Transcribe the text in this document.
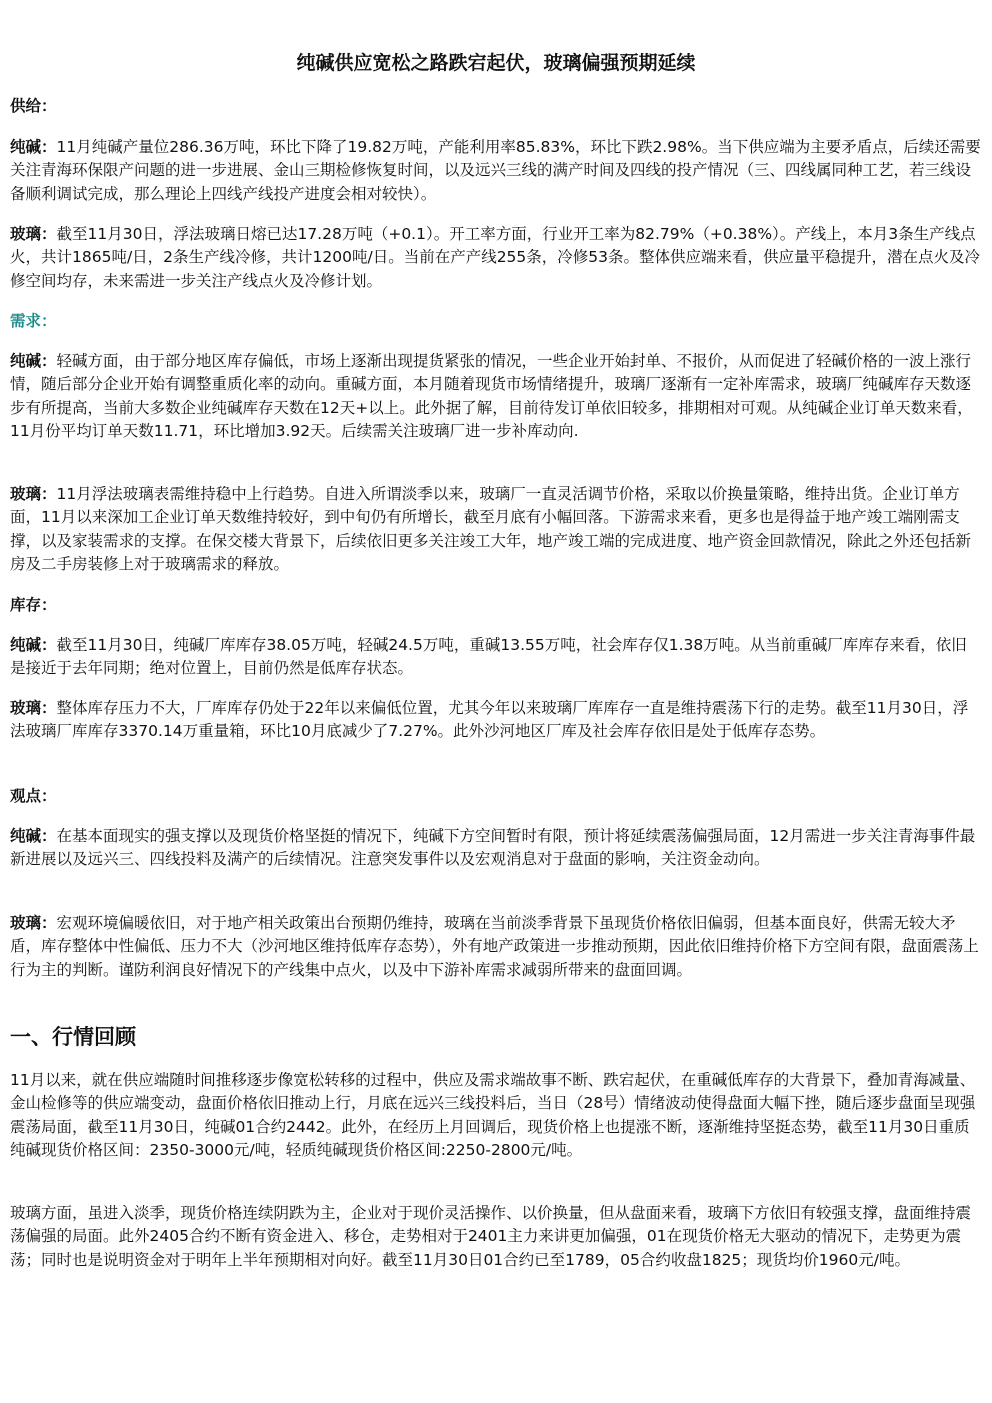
纯碱供应宽松之路跌宕起伏，玻璃偏强预期延续
供给：
纯碱：11月纯碱产量位286.36万吨，环比下降了19.82万吨，产能利用率85.83%，环比下跌2.98%。当下供应端为主要矛盾点，后续还需要关注青海环保限产问题的进一步进展、金山三期检修恢复时间，以及远兴三线的满产时间及四线的投产情况（三、四线属同种工艺，若三线设备顺利调试完成，那么理论上四线产线投产进度会相对较快）。
玻璃：截至11月30日，浮法玻璃日熔已达17.28万吨（+0.1）。开工率方面，行业开工率为82.79%（+0.38%）。产线上，本月3条生产线点火，共计1865吨/日，2条生产线冷修，共计1200吨/日。当前在产产线255条，冷修53条。整体供应端来看，供应量平稳提升，潜在点火及冷修空间均存，未来需进一步关注产线点火及冷修计划。
需求：
纯碱：轻碱方面，由于部分地区库存偏低，市场上逐渐出现提货紧张的情况，一些企业开始封单、不报价，从而促进了轻碱价格的一波上涨行情，随后部分企业开始有调整重质化率的动向。重碱方面，本月随着现货市场情绪提升，玻璃厂逐渐有一定补库需求，玻璃厂纯碱库存天数逐步有所提高，当前大多数企业纯碱库存天数在12天+以上。此外据了解，目前待发订单依旧较多，排期相对可观。从纯碱企业订单天数来看，11月份平均订单天数11.71，环比增加3.92天。后续需关注玻璃厂进一步补库动向.
玻璃：11月浮法玻璃表需维持稳中上行趋势。自进入所谓淡季以来，玻璃厂一直灵活调节价格，采取以价换量策略，维持出货。企业订单方面，11月以来深加工企业订单天数维持较好，到中旬仍有所增长，截至月底有小幅回落。下游需求来看，更多也是得益于地产竣工端刚需支撑，以及家装需求的支撑。在保交楼大背景下，后续依旧更多关注竣工大年，地产竣工端的完成进度、地产资金回款情况，除此之外还包括新房及二手房装修上对于玻璃需求的释放。
库存：
纯碱：截至11月30日，纯碱厂库库存38.05万吨，轻碱24.5万吨，重碱13.55万吨，社会库存仅1.38万吨。从当前重碱厂库库存来看，依旧是接近于去年同期；绝对位置上，目前仍然是低库存状态。
玻璃：整体库存压力不大，厂库库存仍处于22年以来偏低位置，尤其今年以来玻璃厂库库存一直是维持震荡下行的走势。截至11月30日，浮法玻璃厂库库存3370.14万重量箱，环比10月底减少了7.27%。此外沙河地区厂库及社会库存依旧是处于低库存态势。
观点：
纯碱：在基本面现实的强支撑以及现货价格坚挺的情况下，纯碱下方空间暂时有限，预计将延续震荡偏强局面，12月需进一步关注青海事件最新进展以及远兴三、四线投料及满产的后续情况。注意突发事件以及宏观消息对于盘面的影响，关注资金动向。
玻璃：宏观环境偏暖依旧，对于地产相关政策出台预期仍维持，玻璃在当前淡季背景下虽现货价格依旧偏弱，但基本面良好，供需无较大矛盾，库存整体中性偏低、压力不大（沙河地区维持低库存态势），外有地产政策进一步推动预期，因此依旧维持价格下方空间有限，盘面震荡上行为主的判断。谨防利润良好情况下的产线集中点火，以及中下游补库需求减弱所带来的盘面回调。
一、行情回顾
11月以来，就在供应端随时间推移逐步像宽松转移的过程中，供应及需求端故事不断、跌宕起伏，在重碱低库存的大背景下，叠加青海减量、金山检修等的供应端变动，盘面价格依旧推动上行，月底在远兴三线投料后，当日（28号）情绪波动使得盘面大幅下挫，随后逐步盘面呈现强震荡局面，截至11月30日，纯碱01合约2442。此外，在经历上月回调后，现货价格上也提涨不断，逐渐维持坚挺态势，截至11月30日重质纯碱现货价格区间：2350-3000元/吨，轻质纯碱现货价格区间:2250-2800元/吨。
玻璃方面，虽进入淡季，现货价格连续阴跌为主，企业对于现价灵活操作、以价换量，但从盘面来看，玻璃下方依旧有较强支撑，盘面维持震荡偏强的局面。此外2405合约不断有资金进入、移仓，走势相对于2401主力来讲更加偏强，01在现货价格无大驱动的情况下，走势更为震荡；同时也是说明资金对于明年上半年预期相对向好。截至11月30日01合约已至1789，05合约收盘1825；现货均价1960元/吨。
